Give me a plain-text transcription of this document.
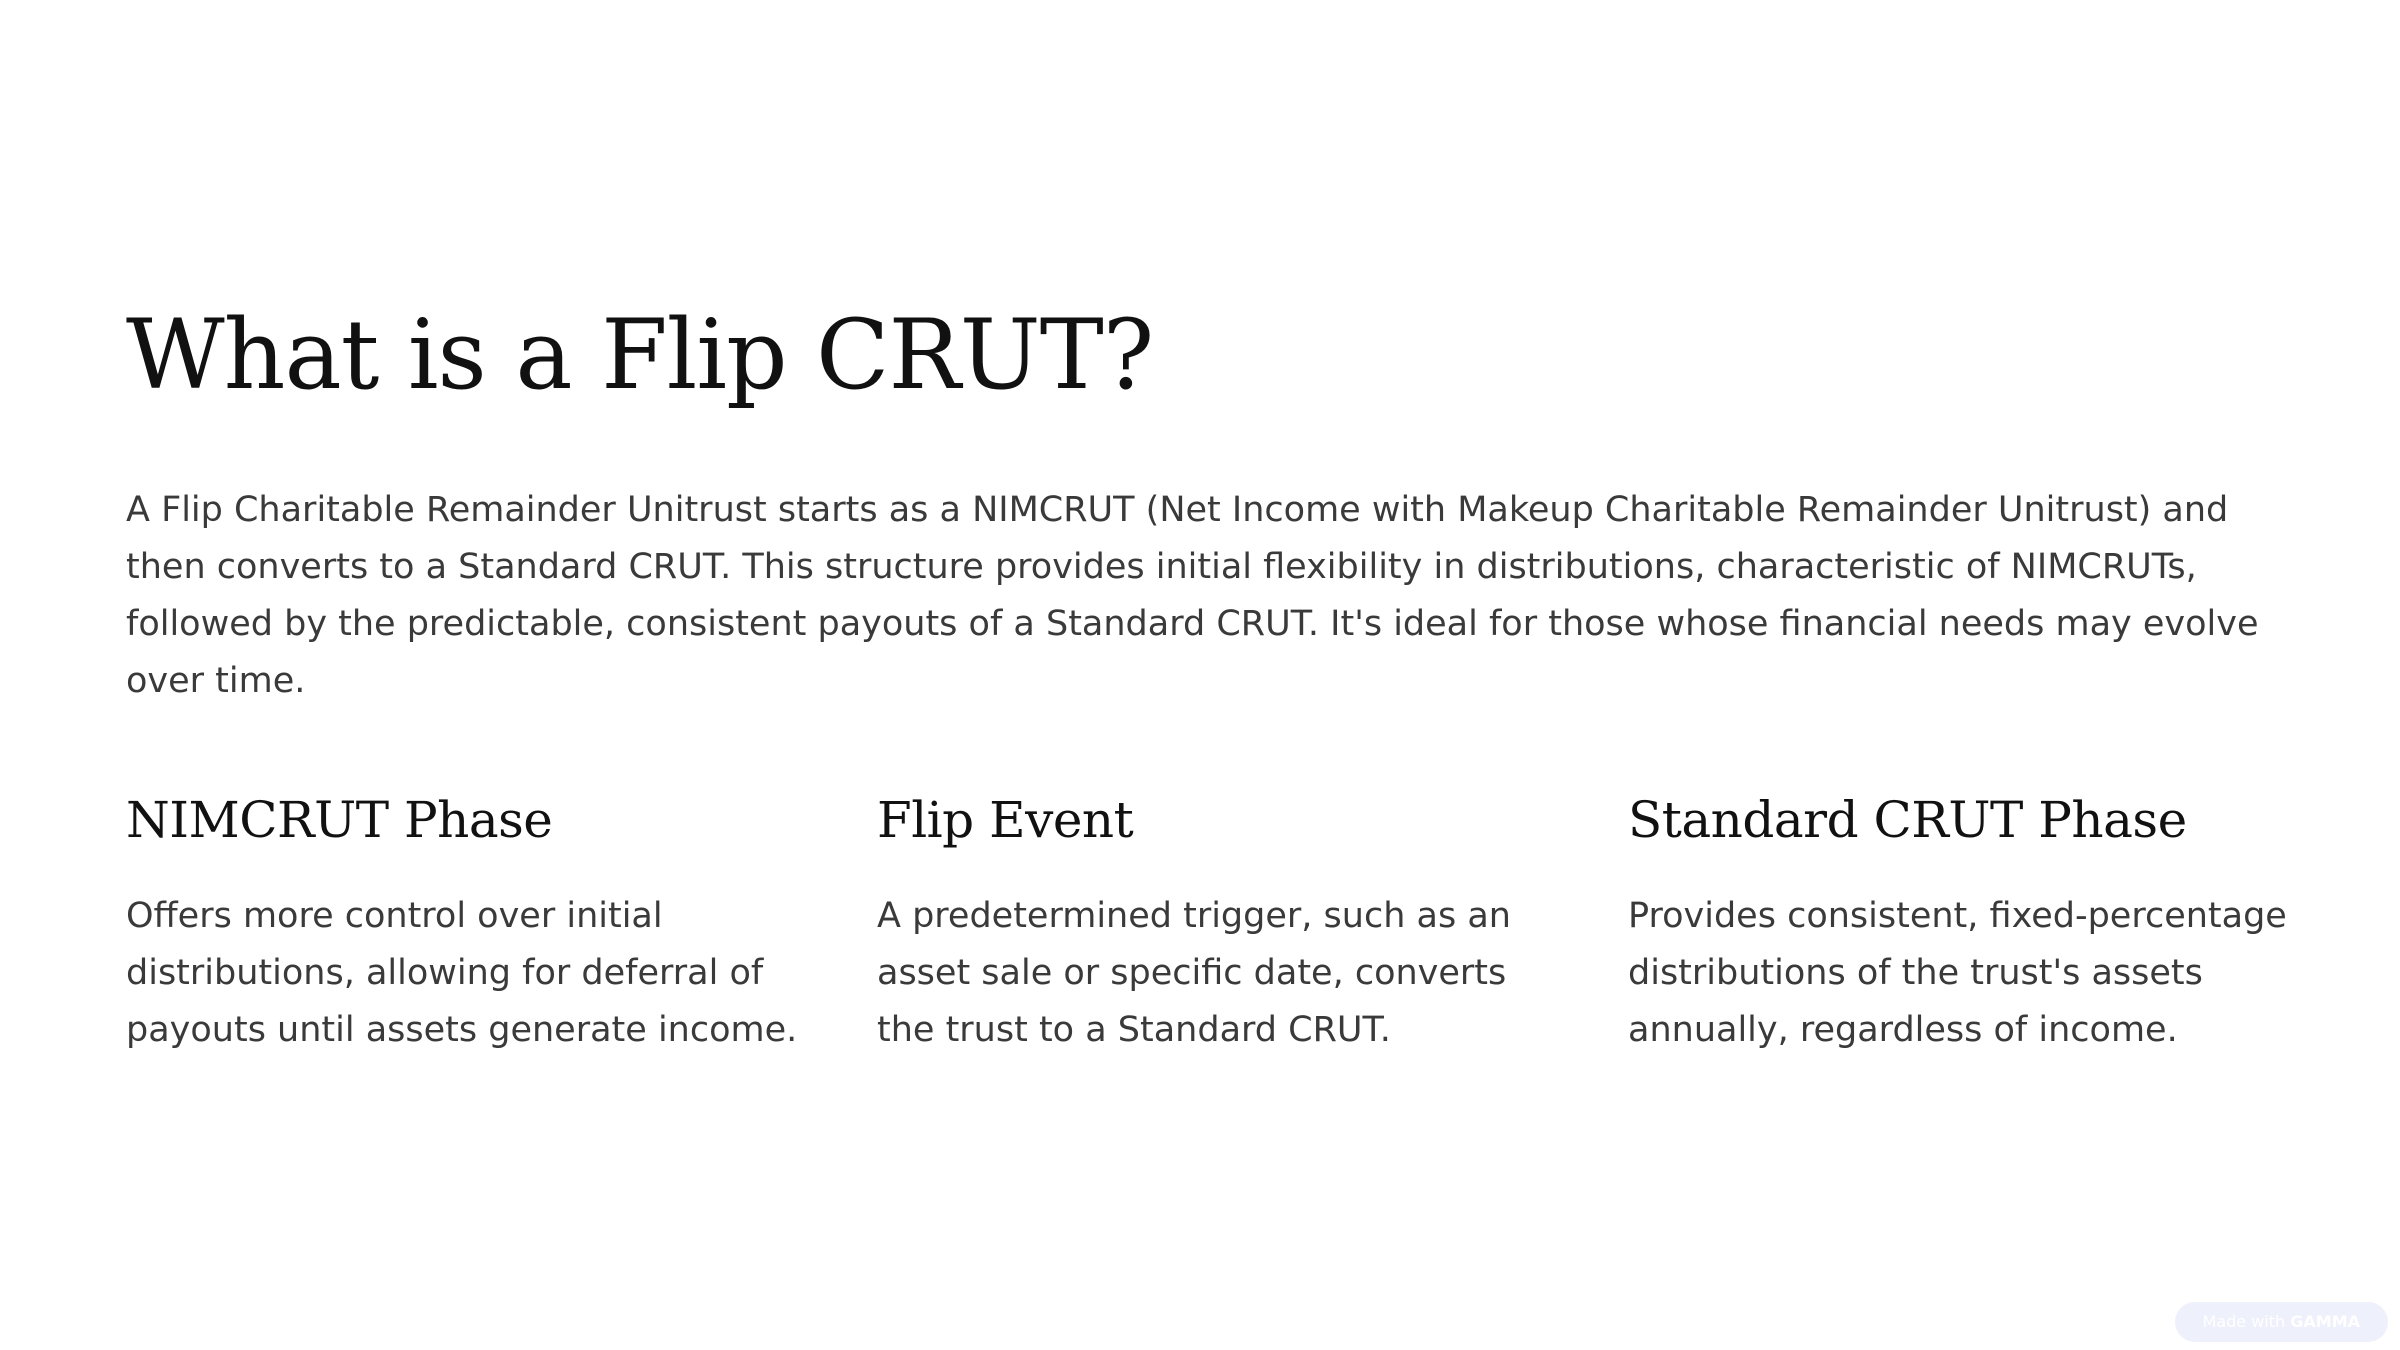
What is a Flip CRUT?

A Flip Charitable Remainder Unitrust starts as a NIMCRUT (Net Income with Makeup Charitable Remainder Unitrust) and then converts to a Standard CRUT. This structure provides initial flexibility in distributions, characteristic of NIMCRUTs, followed by the predictable, consistent payouts of a Standard CRUT. It's ideal for those whose financial needs may evolve over time.

NIMCRUT Phase

Offers more control over initial distributions, allowing for deferral of payouts until assets generate income.

Flip Event

A predetermined trigger, such as an asset sale or specific date, converts the trust to a Standard CRUT.

Standard CRUT Phase

Provides consistent, fixed-percentage distributions of the trust's assets annually, regardless of income.

Made with GAMMA
